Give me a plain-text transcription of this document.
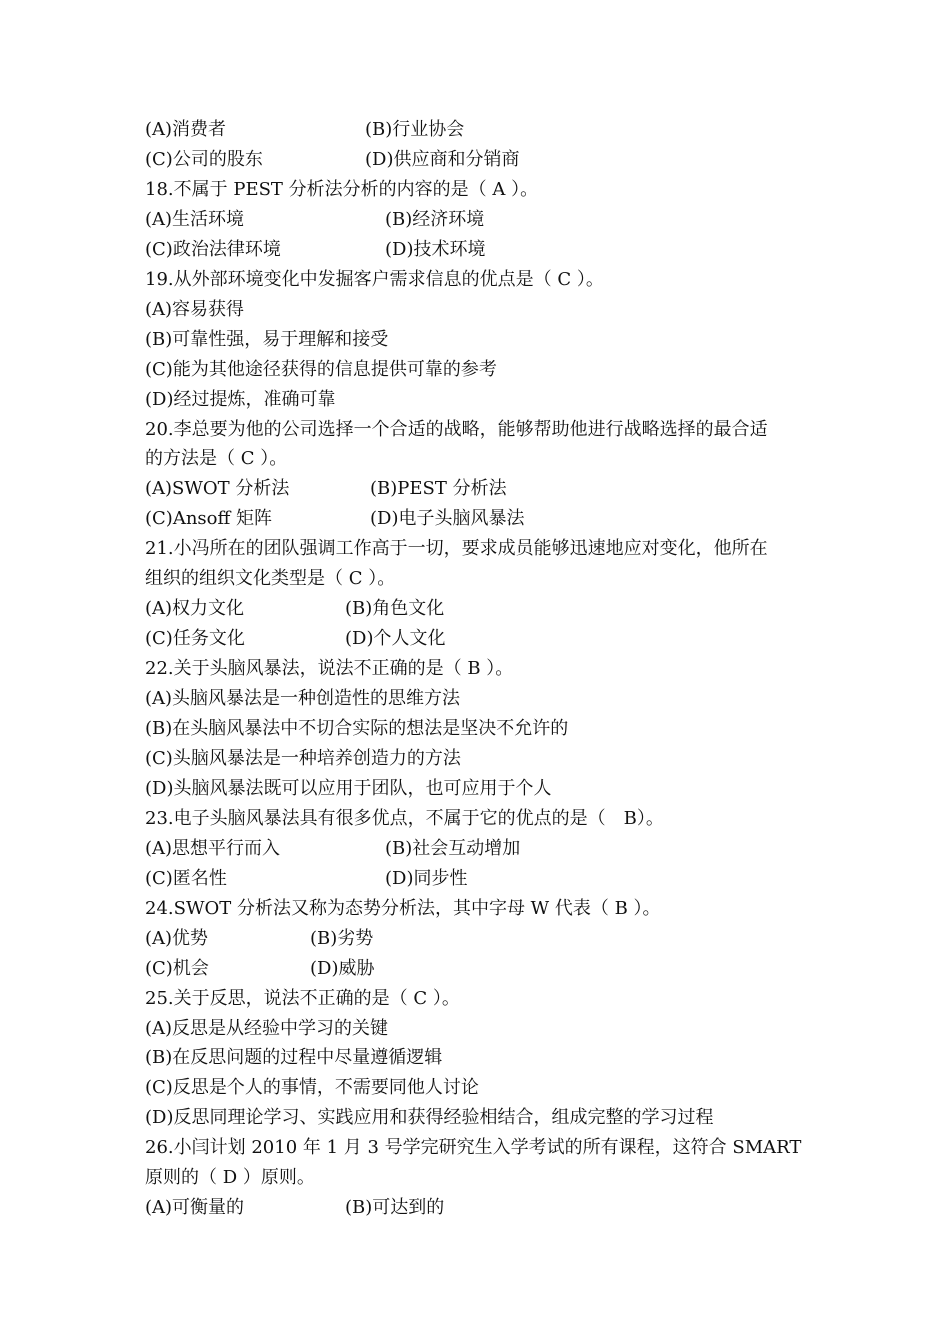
(A)消费者	(B)行业协会
(C)公司的股东	(D)供应商和分销商
18.不属于 PEST 分析法分析的内容的是（ A ）。
(A)生活环境	(B)经济环境
(C)政治法律环境	(D)技术环境
19.从外部环境变化中发掘客户需求信息的优点是（ C ）。
(A)容易获得
(B)可靠性强，易于理解和接受
(C)能为其他途径获得的信息提供可靠的参考
(D)经过提炼，准确可靠
20.李总要为他的公司选择一个合适的战略，能够帮助他进行战略选择的最合适
的方法是（ C ）。
(A)SWOT 分析法	(B)PEST 分析法
(C)Ansoff 矩阵	(D)电子头脑风暴法
21.小冯所在的团队强调工作高于一切，要求成员能够迅速地应对变化，他所在
组织的组织文化类型是（ C ）。
(A)权力文化	(B)角色文化
(C)任务文化	(D)个人文化
22.关于头脑风暴法，说法不正确的是（ B ）。
(A)头脑风暴法是一种创造性的思维方法
(B)在头脑风暴法中不切合实际的想法是坚决不允许的
(C)头脑风暴法是一种培养创造力的方法
(D)头脑风暴法既可以应用于团队，也可应用于个人
23.电子头脑风暴法具有很多优点，不属于它的优点的是（　B）。
(A)思想平行而入	(B)社会互动增加
(C)匿名性	(D)同步性
24.SWOT 分析法又称为态势分析法，其中字母 W 代表（ B ）。
(A)优势	(B)劣势
(C)机会	(D)威胁
25.关于反思，说法不正确的是（ C ）。
(A)反思是从经验中学习的关键
(B)在反思问题的过程中尽量遵循逻辑
(C)反思是个人的事情，不需要同他人讨论
(D)反思同理论学习、实践应用和获得经验相结合，组成完整的学习过程
26.小闫计划 2010 年 1 月 3 号学完研究生入学考试的所有课程，这符合 SMART
原则的（ D ）原则。
(A)可衡量的	(B)可达到的
